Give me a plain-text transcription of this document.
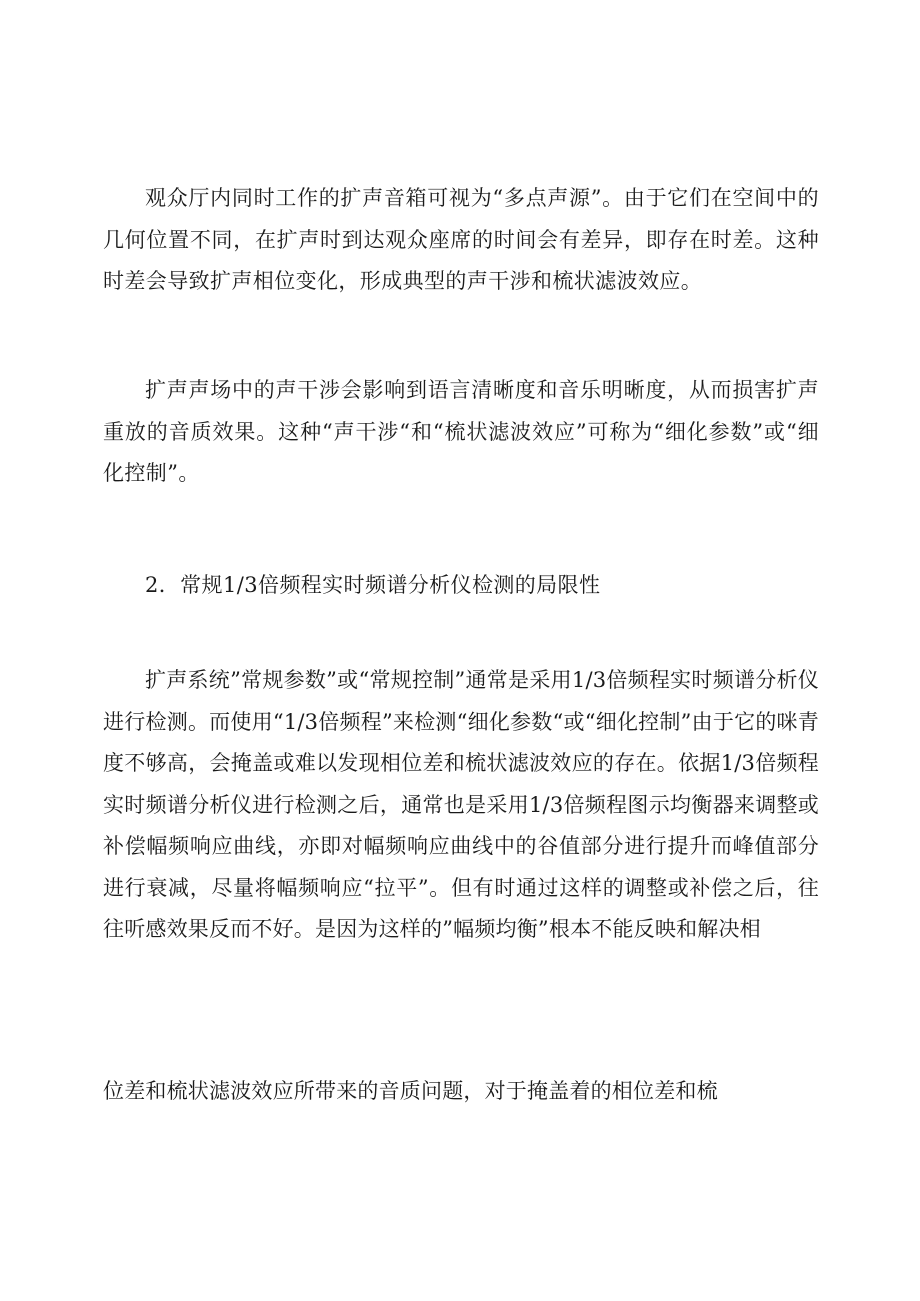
观众厅内同时工作的扩声音箱可视为“多点声源”。由于它们在空间中的几何位置不同，在扩声时到达观众座席的时间会有差异，即存在时差。这种时差会导致扩声相位变化，形成典型的声干涉和梳状滤波效应。

扩声声场中的声干涉会影响到语言清晰度和音乐明晰度，从而损害扩声重放的音质效果。这种“声干涉“和“梳状滤波效应”可称为“细化参数”或“细化控制”。

2．常规1/3倍频程实时频谱分析仪检测的局限性

扩声系统”常规参数”或“常规控制”通常是采用1/3倍频程实时频谱分析仪进行检测。而使用“1/3倍频程”来检测“细化参数“或“细化控制”由于它的咪青度不够高，会掩盖或难以发现相位差和梳状滤波效应的存在。依据1/3倍频程实时频谱分析仪进行检测之后，通常也是采用1/3倍频程图示均衡器来调整或补偿幅频响应曲线，亦即对幅频响应曲线中的谷值部分进行提升而峰值部分进行衰减，尽量将幅频响应“拉平”。但有时通过这样的调整或补偿之后，往往听感效果反而不好。是因为这样的”幅频均衡”根本不能反映和解决相

位差和梳状滤波效应所带来的音质问题，对于掩盖着的相位差和梳
